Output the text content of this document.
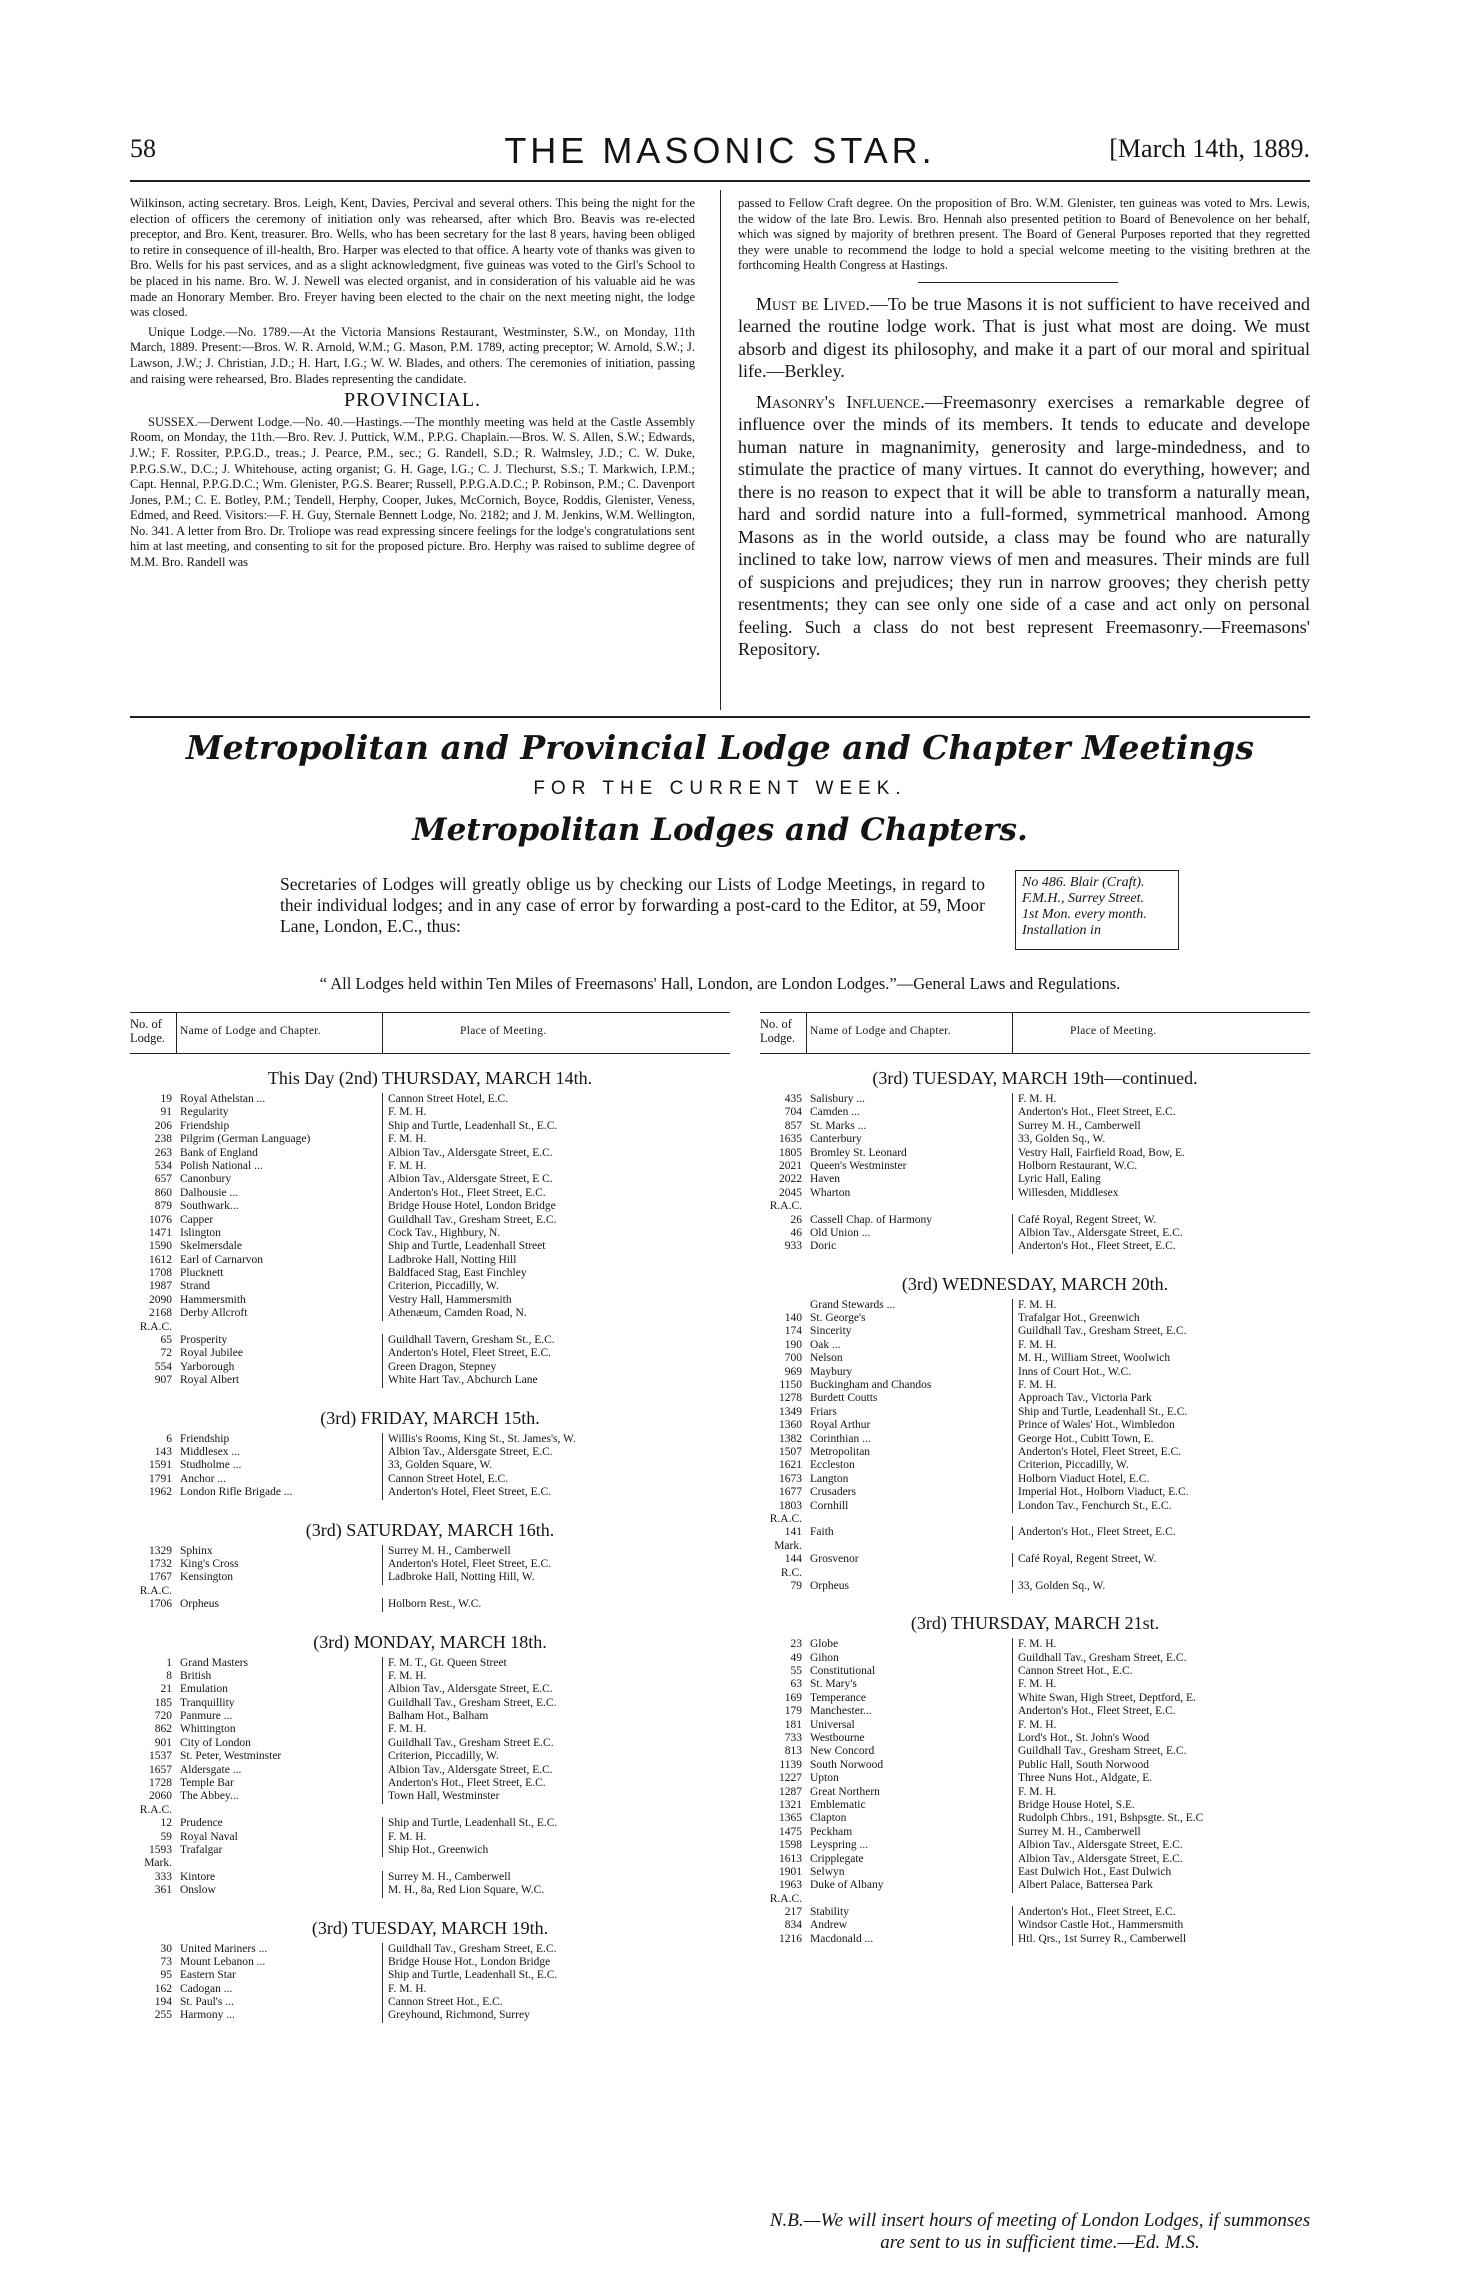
58	THE MASONIC STAR.	[March 14th, 1889.

Wilkinson, acting secretary. Bros. Leigh, Kent, Davies, Percival and several others. This being the night for the election of officers the ceremony of initiation only was rehearsed, after which Bro. Beavis was re-elected preceptor, and Bro. Kent, treasurer. Bro. Wells, who has been secretary for the last 8 years, having been obliged to retire in consequence of ill-health, Bro. Harper was elected to that office. A hearty vote of thanks was given to Bro. Wells for his past services, and as a slight acknowledgment, five guineas was voted to the Girl's School to be placed in his name. Bro. W. J. Newell was elected organist, and in consideration of his valuable aid he was made an Honorary Member. Bro. Freyer having been elected to the chair on the next meeting night, the lodge was closed.

Unique Lodge.—No. 1789.—At the Victoria Mansions Restaurant, Westminster, S.W., on Monday, 11th March, 1889. Present:—Bros. W. R. Arnold, W.M.; G. Mason, P.M. 1789, acting preceptor; W. Arnold, S.W.; J. Lawson, J.W.; J. Christian, J.D.; H. Hart, I.G.; W. W. Blades, and others. The ceremonies of initiation, passing and raising were rehearsed, Bro. Blades representing the candidate.

PROVINCIAL.

SUSSEX.—Derwent Lodge.—No. 40.—Hastings.—The monthly meeting was held at the Castle Assembly Room, on Monday, the 11th.—Bro. Rev. J. Puttick, W.M., P.P.G. Chaplain.—Bros. W. S. Allen, S.W.; Edwards, J.W.; F. Rossiter, P.P.G.D., treas.; J. Pearce, P.M., sec.; G. Randell, S.D.; R. Walmsley, J.D.; C. W. Duke, P.P.G.S.W., D.C.; J. Whitehouse, acting organist; G. H. Gage, I.G.; C. J. Tlechurst, S.S.; T. Markwich, I.P.M.; Capt. Hennal, P.P.G.D.C.; Wm. Glenister, P.G.S. Bearer; Russell, P.P.G.A.D.C.; P. Robinson, P.M.; C. Davenport Jones, P.M.; C. E. Botley, P.M.; Tendell, Herphy, Cooper, Jukes, McCornich, Boyce, Roddis, Glenister, Veness, Edmed, and Reed. Visitors:—F. H. Guy, Sternale Bennett Lodge, No. 2182; and J. M. Jenkins, W.M. Wellington, No. 341. A letter from Bro. Dr. Troliope was read expressing sincere feelings for the lodge's congratulations sent him at last meeting, and consenting to sit for the proposed picture. Bro. Herphy was raised to sublime degree of M.M. Bro. Randell was

passed to Fellow Craft degree. On the proposition of Bro. W.M. Glenister, ten guineas was voted to Mrs. Lewis, the widow of the late Bro. Lewis. Bro. Hennah also presented petition to Board of Benevolence on her behalf, which was signed by majority of brethren present. The Board of General Purposes reported that they regretted they were unable to recommend the lodge to hold a special welcome meeting to the visiting brethren at the forthcoming Health Congress at Hastings.

Must be Lived.—To be true Masons it is not sufficient to have received and learned the routine lodge work. That is just what most are doing. We must absorb and digest its philosophy, and make it a part of our moral and spiritual life.—Berkley.

Masonry's Influence.—Freemasonry exercises a remarkable degree of influence over the minds of its members. It tends to educate and develope human nature in magnanimity, generosity and large-mindedness, and to stimulate the practice of many virtues. It cannot do everything, however; and there is no reason to expect that it will be able to transform a naturally mean, hard and sordid nature into a full-formed, symmetrical manhood. Among Masons as in the world outside, a class may be found who are naturally inclined to take low, narrow views of men and measures. Their minds are full of suspicions and prejudices; they run in narrow grooves; they cherish petty resentments; they can see only one side of a case and act only on personal feeling. Such a class do not best represent Freemasonry.—Freemasons' Repository.

Metropolitan and Provincial Lodge and Chapter Meetings
FOR THE CURRENT WEEK.
Metropolitan Lodges and Chapters.
Secretaries of Lodges will greatly oblige us by checking our Lists of Lodge Meetings, in regard to their individual lodges; and in any case of error by forwarding a post-card to the Editor, at 59, Moor Lane, London, E.C., thus:
No 486. Blair (Craft).
F.M.H., Surrey Street.
1st Mon. every month.
Installation in
“ All Lodges held within Ten Miles of Freemasons' Hall, London, are London Lodges.”—General Laws and Regulations.
No. of Lodge.	Name of Lodge and Chapter.	Place of Meeting.	No. of Lodge.	Name of Lodge and Chapter.	Place of Meeting.
This Day (2nd) THURSDAY, MARCH 14th.
19 Royal Athelstan ...	Cannon Street Hotel, E.C.
91 Regularity	F. M. H.
206 Friendship	Ship and Turtle, Leadenhall St., E.C.
238 Pilgrim (German Language)	F. M. H.
263 Bank of England	Albion Tav., Aldersgate Street, E.C.
534 Polish National ...	F. M. H.
657 Canonbury	Albion Tav., Aldersgate Street, E C.
860 Dalhousie ...	Anderton's Hot., Fleet Street, E.C.
879 Southwark...	Bridge House Hotel, London Bridge
1076 Capper	Guildhall Tav., Gresham Street, E.C.
1471 Islington	Cock Tav., Highbury, N.
1590 Skelmersdale	Ship and Turtle, Leadenhall Street
1612 Earl of Carnarvon	Ladbroke Hall, Notting Hill
1708 Plucknett	Baldfaced Stag, East Finchley
1987 Strand	Criterion, Piccadilly, W.
2090 Hammersmith	Vestry Hall, Hammersmith
2168 Derby Allcroft	Athenæum, Camden Road, N.
R.A.C.
65 Prosperity	Guildhall Tavern, Gresham St., E.C.
72 Royal Jubilee	Anderton's Hotel, Fleet Street, E.C.
554 Yarborough	Green Dragon, Stepney
907 Royal Albert	White Hart Tav., Abchurch Lane
(3rd) FRIDAY, MARCH 15th.
6 Friendship	Willis's Rooms, King St., St. James's, W.
143 Middlesex ...	Albion Tav., Aldersgate Street, E.C.
1591 Studholme ...	33, Golden Square, W.
1791 Anchor ...	Cannon Street Hotel, E.C.
1962 London Rifle Brigade ...	Anderton's Hotel, Fleet Street, E.C.
(3rd) SATURDAY, MARCH 16th.
1329 Sphinx	Surrey M. H., Camberwell
1732 King's Cross	Anderton's Hotel, Fleet Street, E.C.
1767 Kensington	Ladbroke Hall, Notting Hill, W.
R.A.C.
1706 Orpheus	Holborn Rest., W.C.
(3rd) MONDAY, MARCH 18th.
1 Grand Masters	F. M. T., Gt. Queen Street
8 British	F. M. H.
21 Emulation	Albion Tav., Aldersgate Street, E.C.
185 Tranquillity	Guildhall Tav., Gresham Street, E.C.
720 Panmure ...	Balham Hot., Balham
862 Whittington	F. M. H.
901 City of London	Guildhall Tav., Gresham Street E.C.
1537 St. Peter, Westminster	Criterion, Piccadilly, W.
1657 Aldersgate ...	Albion Tav., Aldersgate Street, E.C.
1728 Temple Bar	Anderton's Hot., Fleet Street, E.C.
2060 The Abbey...	Town Hall, Westminster
R.A.C.
12 Prudence	Ship and Turtle, Leadenhall St., E.C.
59 Royal Naval	F. M. H.
1593 Trafalgar	Ship Hot., Greenwich
Mark.
333 Kintore	Surrey M. H., Camberwell
361 Onslow	M. H., 8a, Red Lion Square, W.C.
(3rd) TUESDAY, MARCH 19th.
30 United Mariners ...	Guildhall Tav., Gresham Street, E.C.
73 Mount Lebanon ...	Bridge House Hot., London Bridge
95 Eastern Star	Ship and Turtle, Leadenhall St., E.C.
162 Cadogan ...	F. M. H.
194 St. Paul's ...	Cannon Street Hot., E.C.
255 Harmony ...	Greyhound, Richmond, Surrey
(3rd) TUESDAY, MARCH 19th—continued.
435 Salisbury ...	F. M. H.
704 Camden ...	Anderton's Hot., Fleet Street, E.C.
857 St. Marks ...	Surrey M. H., Camberwell
1635 Canterbury	33, Golden Sq., W.
1805 Bromley St. Leonard	Vestry Hall, Fairfield Road, Bow, E.
2021 Queen's Westminster	Holborn Restaurant, W.C.
2022 Haven	Lyric Hall, Ealing
2045 Wharton	Willesden, Middlesex
R.A.C.
26 Cassell Chap. of Harmony	Café Royal, Regent Street, W.
46 Old Union ...	Albion Tav., Aldersgate Street, E.C.
933 Doric	Anderton's Hot., Fleet Street, E.C.
(3rd) WEDNESDAY, MARCH 20th.
Grand Stewards ...	F. M. H.
140 St. George's	Trafalgar Hot., Greenwich
174 Sincerity	Guildhall Tav., Gresham Street, E.C.
190 Oak ...	F. M. H.
700 Nelson	M. H., William Street, Woolwich
969 Maybury	Inns of Court Hot., W.C.
1150 Buckingham and Chandos	F. M. H.
1278 Burdett Coutts	Approach Tav., Victoria Park
1349 Friars	Ship and Turtle, Leadenhall St., E.C.
1360 Royal Arthur	Prince of Wales' Hot., Wimbledon
1382 Corinthian ...	George Hot., Cubitt Town, E.
1507 Metropolitan	Anderton's Hotel, Fleet Street, E.C.
1621 Eccleston	Criterion, Piccadilly, W.
1673 Langton	Holborn Viaduct Hotel, E.C.
1677 Crusaders	Imperial Hot., Holborn Viaduct, E.C.
1803 Cornhill	London Tav., Fenchurch St., E.C.
R.A.C.
141 Faith	Anderton's Hot., Fleet Street, E.C.
Mark.
144 Grosvenor	Café Royal, Regent Street, W.
R.C.
79 Orpheus	33, Golden Sq., W.
(3rd) THURSDAY, MARCH 21st.
23 Globe	F. M. H.
49 Gihon	Guildhall Tav., Gresham Street, E.C.
55 Constitutional	Cannon Street Hot., E.C.
63 St. Mary's	F. M. H.
169 Temperance	White Swan, High Street, Deptford, E.
179 Manchester...	Anderton's Hot., Fleet Street, E.C.
181 Universal	F. M. H.
733 Westbourne	Lord's Hot., St. John's Wood
813 New Concord	Guildhall Tav., Gresham Street, E.C.
1139 South Norwood	Public Hall, South Norwood
1227 Upton	Three Nuns Hot., Aldgate, E.
1287 Great Northern	F. M. H.
1321 Emblematic	Bridge House Hotel, S.E.
1365 Clapton	Rudolph Chbrs., 191, Bshpsgte. St., E.C
1475 Peckham	Surrey M. H., Camberwell
1598 Leyspring ...	Albion Tav., Aldersgate Street, E.C.
1613 Cripplegate	Albion Tav., Aldersgate Street, E.C.
1901 Selwyn	East Dulwich Hot., East Dulwich
1963 Duke of Albany	Albert Palace, Battersea Park
R.A.C.
217 Stability	Anderton's Hot., Fleet Street, E.C.
834 Andrew	Windsor Castle Hot., Hammersmith
1216 Macdonald ...	Htl. Qrs., 1st Surrey R., Camberwell
N.B.—We will insert hours of meeting of London Lodges, if summonses are sent to us in sufficient time.—Ed. M.S.
